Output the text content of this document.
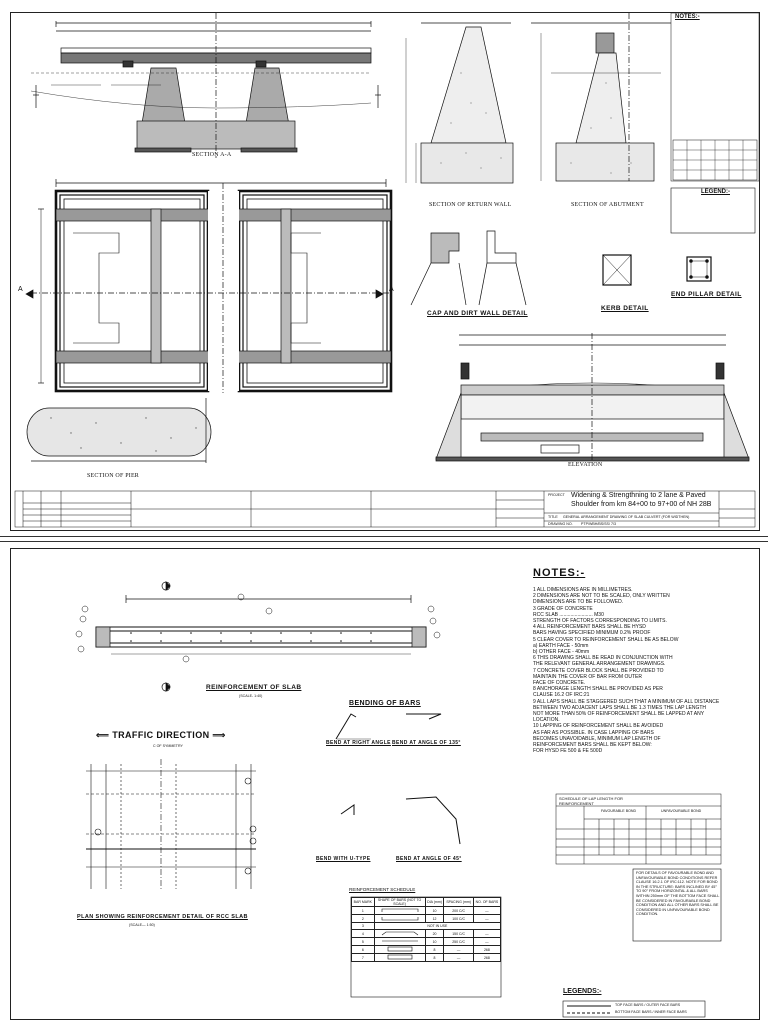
SECTION A-A
SECTION OF RETURN WALL	SECTION OF ABUTMENT
CAP AND DIRT WALL DETAIL
KERB DETAIL
END PILLAR DETAIL
ELEVATION
SECTION OF PIER
NOTES:-
LEGEND:-
A	A
PROJECT Widening & Strengthning to 2 lane & Paved
Shoulder from km 84+00 to 97+00 of NH 28B
TITLE GENERAL ARRANGEMENT DRAWING OF SLAB CULVERT (FOR WIDTHEN)
DRAWING NO. PTP/WBH/BS/SS/ 7/3
REINFORCEMENT OF SLAB
(SCALE- 1:40)
BENDING OF BARS
⟸ TRAFFIC DIRECTION ⟹
C OF SYMMETRY	BEND AT RIGHT ANGLE BEND AT ANGLE OF 135°
BEND WITH U-TYPE	BEND AT ANGLE OF 45°
PLAN SHOWING REINFORCEMENT DETAIL OF RCC SLAB
(SCALE— 1:50)
REINFORCEMENT SCHEDULE
BAR MARK	SHAPE OF BARS (NOT TO SCALE)	DIA (mm)	SPACING (mm)	NO. OF BARS
1		10	200 C/C	—
2		12	100 C/C	—
3	NOT IN USE			
4		20	150 C/C	—
5		10	250 C/C	—
6		8	—	268
7		8	—	268
NOTES:-
1 ALL DIMENSIONS ARE IN MILLIMETRES.
2 DIMENSIONS ARE NOT TO BE SCALED, ONLY WRITTEN
DIMENSIONS ARE TO BE FOLLOWED.
3 GRADE OF CONCRETE
RCC SLAB ........................ M30
STRENGTH OF FACTORS CORRESPONDING TO LIMITS.
4 ALL REINFORCEMENT BARS SHALL BE HYSD
BARS HAVING SPECIFIED MINIMUM 0.2% PROOF
5 CLEAR COVER TO REINFORCEMENT SHALL BE AS BELOW
a) EARTH FACE - 50mm
b) OTHER FACE - 40mm
6 THIS DRAWING SHALL BE READ IN CONJUNCTION WITH
THE RELEVANT GENERAL ARRANGEMENT DRAWINGS.
7 CONCRETE COVER BLOCK SHALL BE PROVIDED TO
MAINTAIN THE COVER OF BAR FROM OUTER
FACE OF CONCRETE.
8 ANCHORAGE LENGTH SHALL BE PROVIDED AS PER
CLAUSE 16.2 OF IRC:21
9 ALL LAPS SHALL BE STAGGERED SUCH THAT A MINIMUM OF ALL DISTANCE
BETWEEN TWO ADJACENT LAPS SHALL BE 1.3 TIMES THE LAP LENGTH
NOT MORE THAN 50% OF REINFORCEMENT SHALL BE LAPPED AT ANY
LOCATION.
10 LAPPING OF REINFORCEMENT SHALL BE AVOIDED
AS FAR AS POSSIBLE. IN CASE LAPPING OF BARS
BECOMES UNAVOIDABLE, MINIMUM LAP LENGTH OF
REINFORCEMENT BARS SHALL BE KEPT BELOW:
FOR HYSD FE 500 & FE 500D
SCHEDULE OF LAP LENGTH FOR REINFORCEMENT
FAVOURABLE BOND	UNFAVOURABLE BOND
FOR DETAILS OF FAVOURABLE BOND AND UNFAVOURABLE BOND CONDITIONS REFER CLAUSE 16.2.1 OF IRC:112. NOTE FOR BOND IN THE STRUCTURE: BARS INCLINED BY 45° TO 90° FROM HORIZONTAL & ALL BARS WITHIN 250mm OF THE BOTTOM FACE SHALL BE CONSIDERED IN FAVOURABLE BOND CONDITION AND ALL OTHER BARS SHALL BE CONSIDERED IN UNFAVOURABLE BOND CONDITION.
LEGENDS:-
TOP FACE BARS / OUTER FACE BARS
BOTTOM FACE BARS / INNER FACE BARS
